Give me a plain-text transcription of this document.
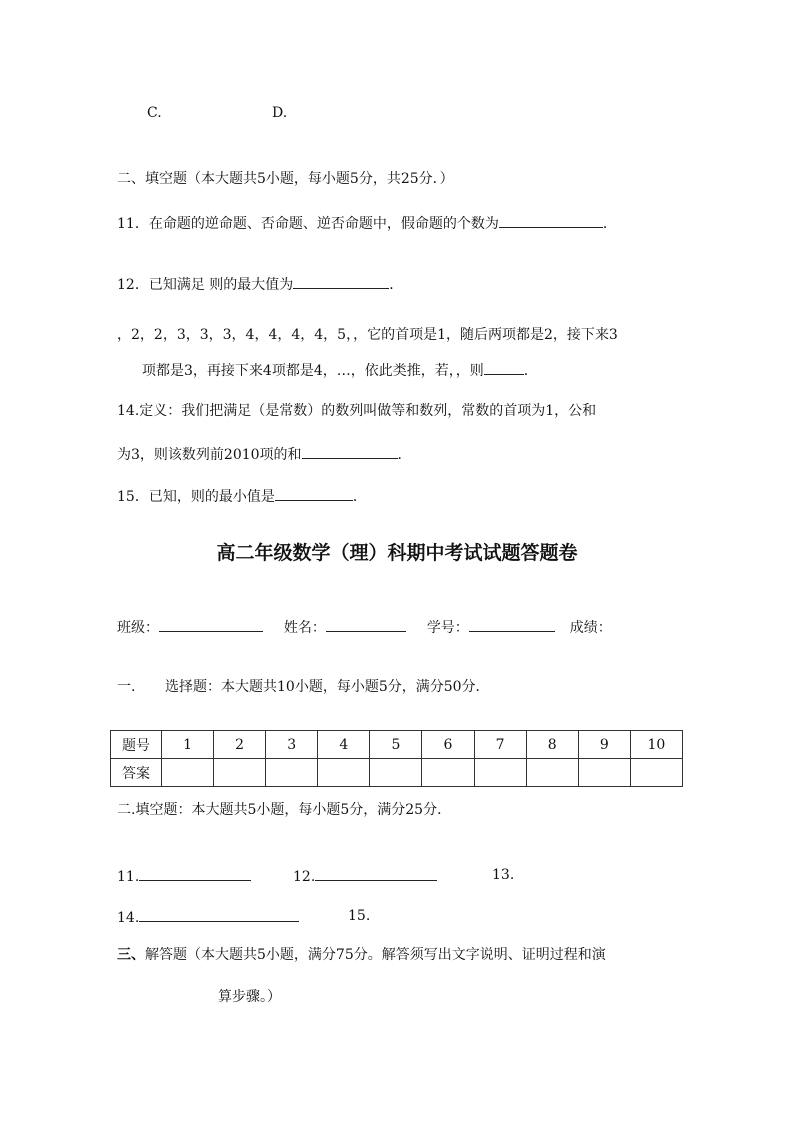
C.	D.
二、填空题（本大题共5小题，每小题5分，共25分．）
11．在命题的逆命题、否命题、逆否命题中，假命题的个数为	．
12．已知满足 则的最大值为	．
，2，2，3，3，3，4，4，4，4，5，，它的首项是1，随后两项都是2，接下来3
项都是3，再接下来4项都是4，…，依此类推，若，，则	．
14.定义：我们把满足（是常数）的数列叫做等和数列，常数的首项为1，公和
为3，则该数列前2010项的和	．
15．已知，则的最小值是	．
高二年级数学（理）科期中考试试题答题卷
班级：	姓名：	学号：	成绩：
一. 选择题：本大题共10小题，每小题5分，满分50分．
题号	1	2	3	4	5	6	7	8	9	10
答案										
二.填空题：本大题共5小题，每小题5分，满分25分．
11.	12.	13.
14.	15.
三、解答题（本大题共5小题，满分75分。解答须写出文字说明、证明过程和演
算步骤。）
